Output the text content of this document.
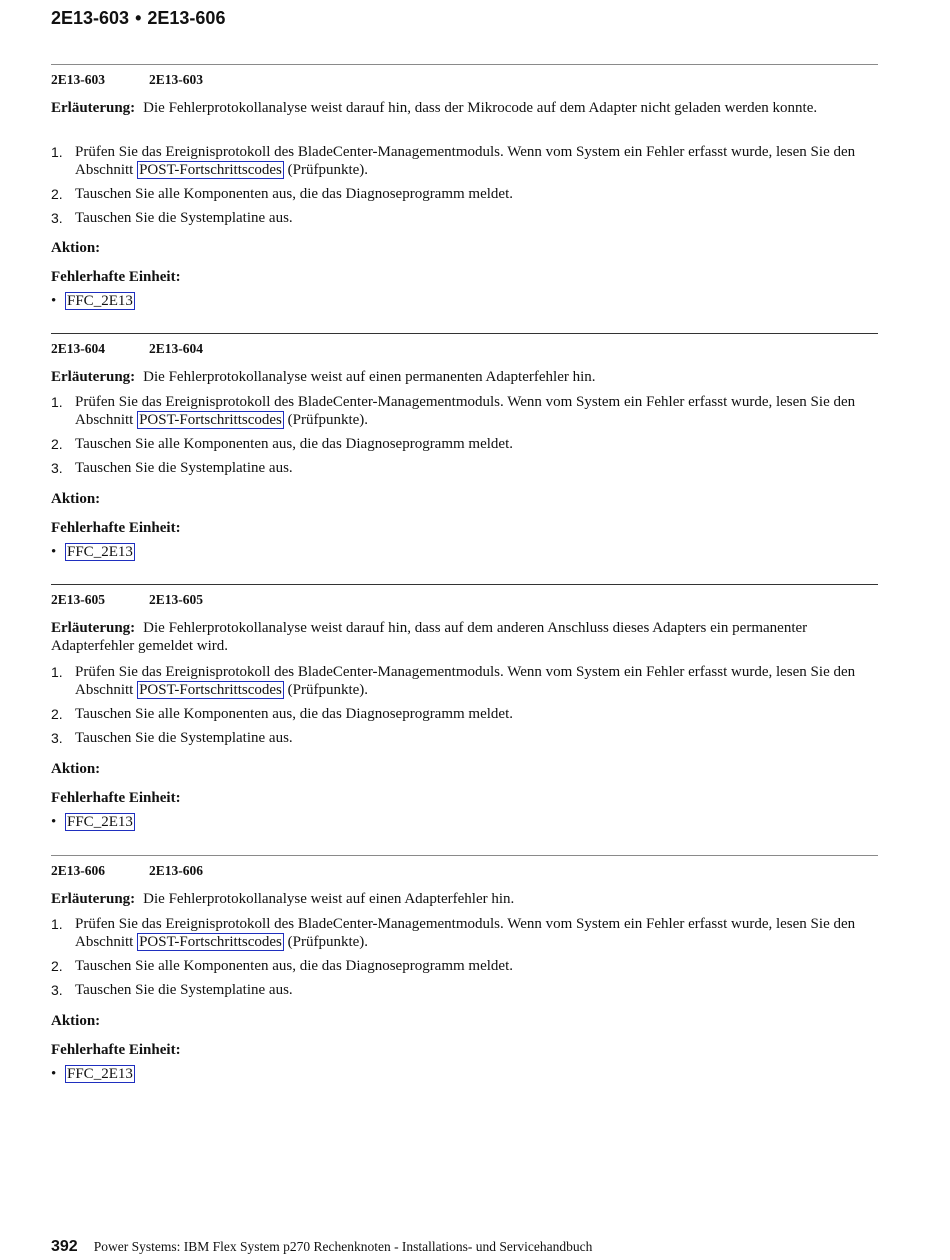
2E13-603 • 2E13-606
2E13-603	2E13-603
Erläuterung: Die Fehlerprotokollanalyse weist darauf hin, dass der Mikrocode auf dem Adapter nicht geladen werden konnte.
1. Prüfen Sie das Ereignisprotokoll des BladeCenter-Managementmoduls. Wenn vom System ein Fehler erfasst wurde, lesen Sie den Abschnitt POST-Fortschrittscodes (Prüfpunkte).
2. Tauschen Sie alle Komponenten aus, die das Diagnoseprogramm meldet.
3. Tauschen Sie die Systemplatine aus.
Aktion:
Fehlerhafte Einheit:
• FFC_2E13
2E13-604	2E13-604
Erläuterung: Die Fehlerprotokollanalyse weist auf einen permanenten Adapterfehler hin.
1. Prüfen Sie das Ereignisprotokoll des BladeCenter-Managementmoduls. Wenn vom System ein Fehler erfasst wurde, lesen Sie den Abschnitt POST-Fortschrittscodes (Prüfpunkte).
2. Tauschen Sie alle Komponenten aus, die das Diagnoseprogramm meldet.
3. Tauschen Sie die Systemplatine aus.
Aktion:
Fehlerhafte Einheit:
• FFC_2E13
2E13-605	2E13-605
Erläuterung: Die Fehlerprotokollanalyse weist darauf hin, dass auf dem anderen Anschluss dieses Adapters ein permanenter Adapterfehler gemeldet wird.
1. Prüfen Sie das Ereignisprotokoll des BladeCenter-Managementmoduls. Wenn vom System ein Fehler erfasst wurde, lesen Sie den Abschnitt POST-Fortschrittscodes (Prüfpunkte).
2. Tauschen Sie alle Komponenten aus, die das Diagnoseprogramm meldet.
3. Tauschen Sie die Systemplatine aus.
Aktion:
Fehlerhafte Einheit:
• FFC_2E13
2E13-606	2E13-606
Erläuterung: Die Fehlerprotokollanalyse weist auf einen Adapterfehler hin.
1. Prüfen Sie das Ereignisprotokoll des BladeCenter-Managementmoduls. Wenn vom System ein Fehler erfasst wurde, lesen Sie den Abschnitt POST-Fortschrittscodes (Prüfpunkte).
2. Tauschen Sie alle Komponenten aus, die das Diagnoseprogramm meldet.
3. Tauschen Sie die Systemplatine aus.
Aktion:
Fehlerhafte Einheit:
• FFC_2E13
392 Power Systems: IBM Flex System p270 Rechenknoten - Installations- und Servicehandbuch
